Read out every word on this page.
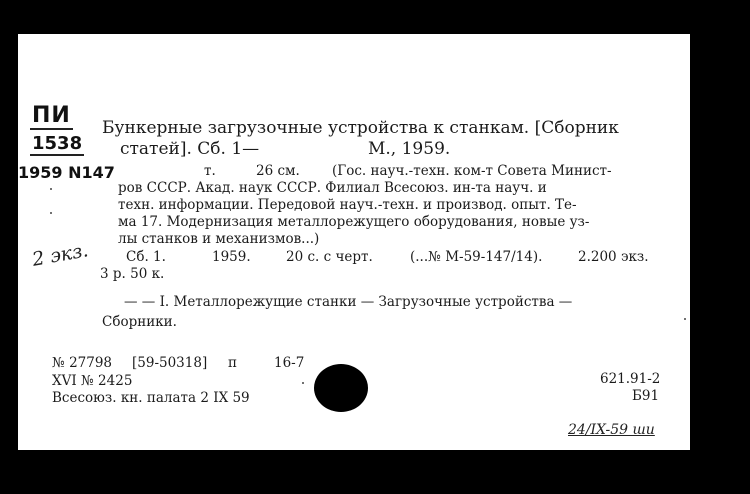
ПИ
1538
1959 N147
2 экз.
Бункерные загрузочные устройства к станкам. [Сборник
статей]. Сб. 1—	М., 1959.
т.	26 см. (Гос. науч.-техн. ком-т Совета Минист-
ров СССР. Акад. наук СССР. Филиал Всесоюз. ин-та науч. и
техн. информации. Передовой науч.-техн. и производ. опыт. Те-
ма 17. Модернизация металлорежущего оборудования, новые уз-
лы станков и механизмов...)
Сб. 1.	1959.	20 с. с черт.	(...№ М-59-147/14).	2.200 экз.
3 р. 50 к.
— — I. Металлорежущие станки — Загрузочные устройства —
Сборники.
№ 27798 [59-50318] п	16-7
XVI № 2425
Всесоюз. кн. палата 2 IX 59
621.91-2
Б91
24/IX-59 ши
